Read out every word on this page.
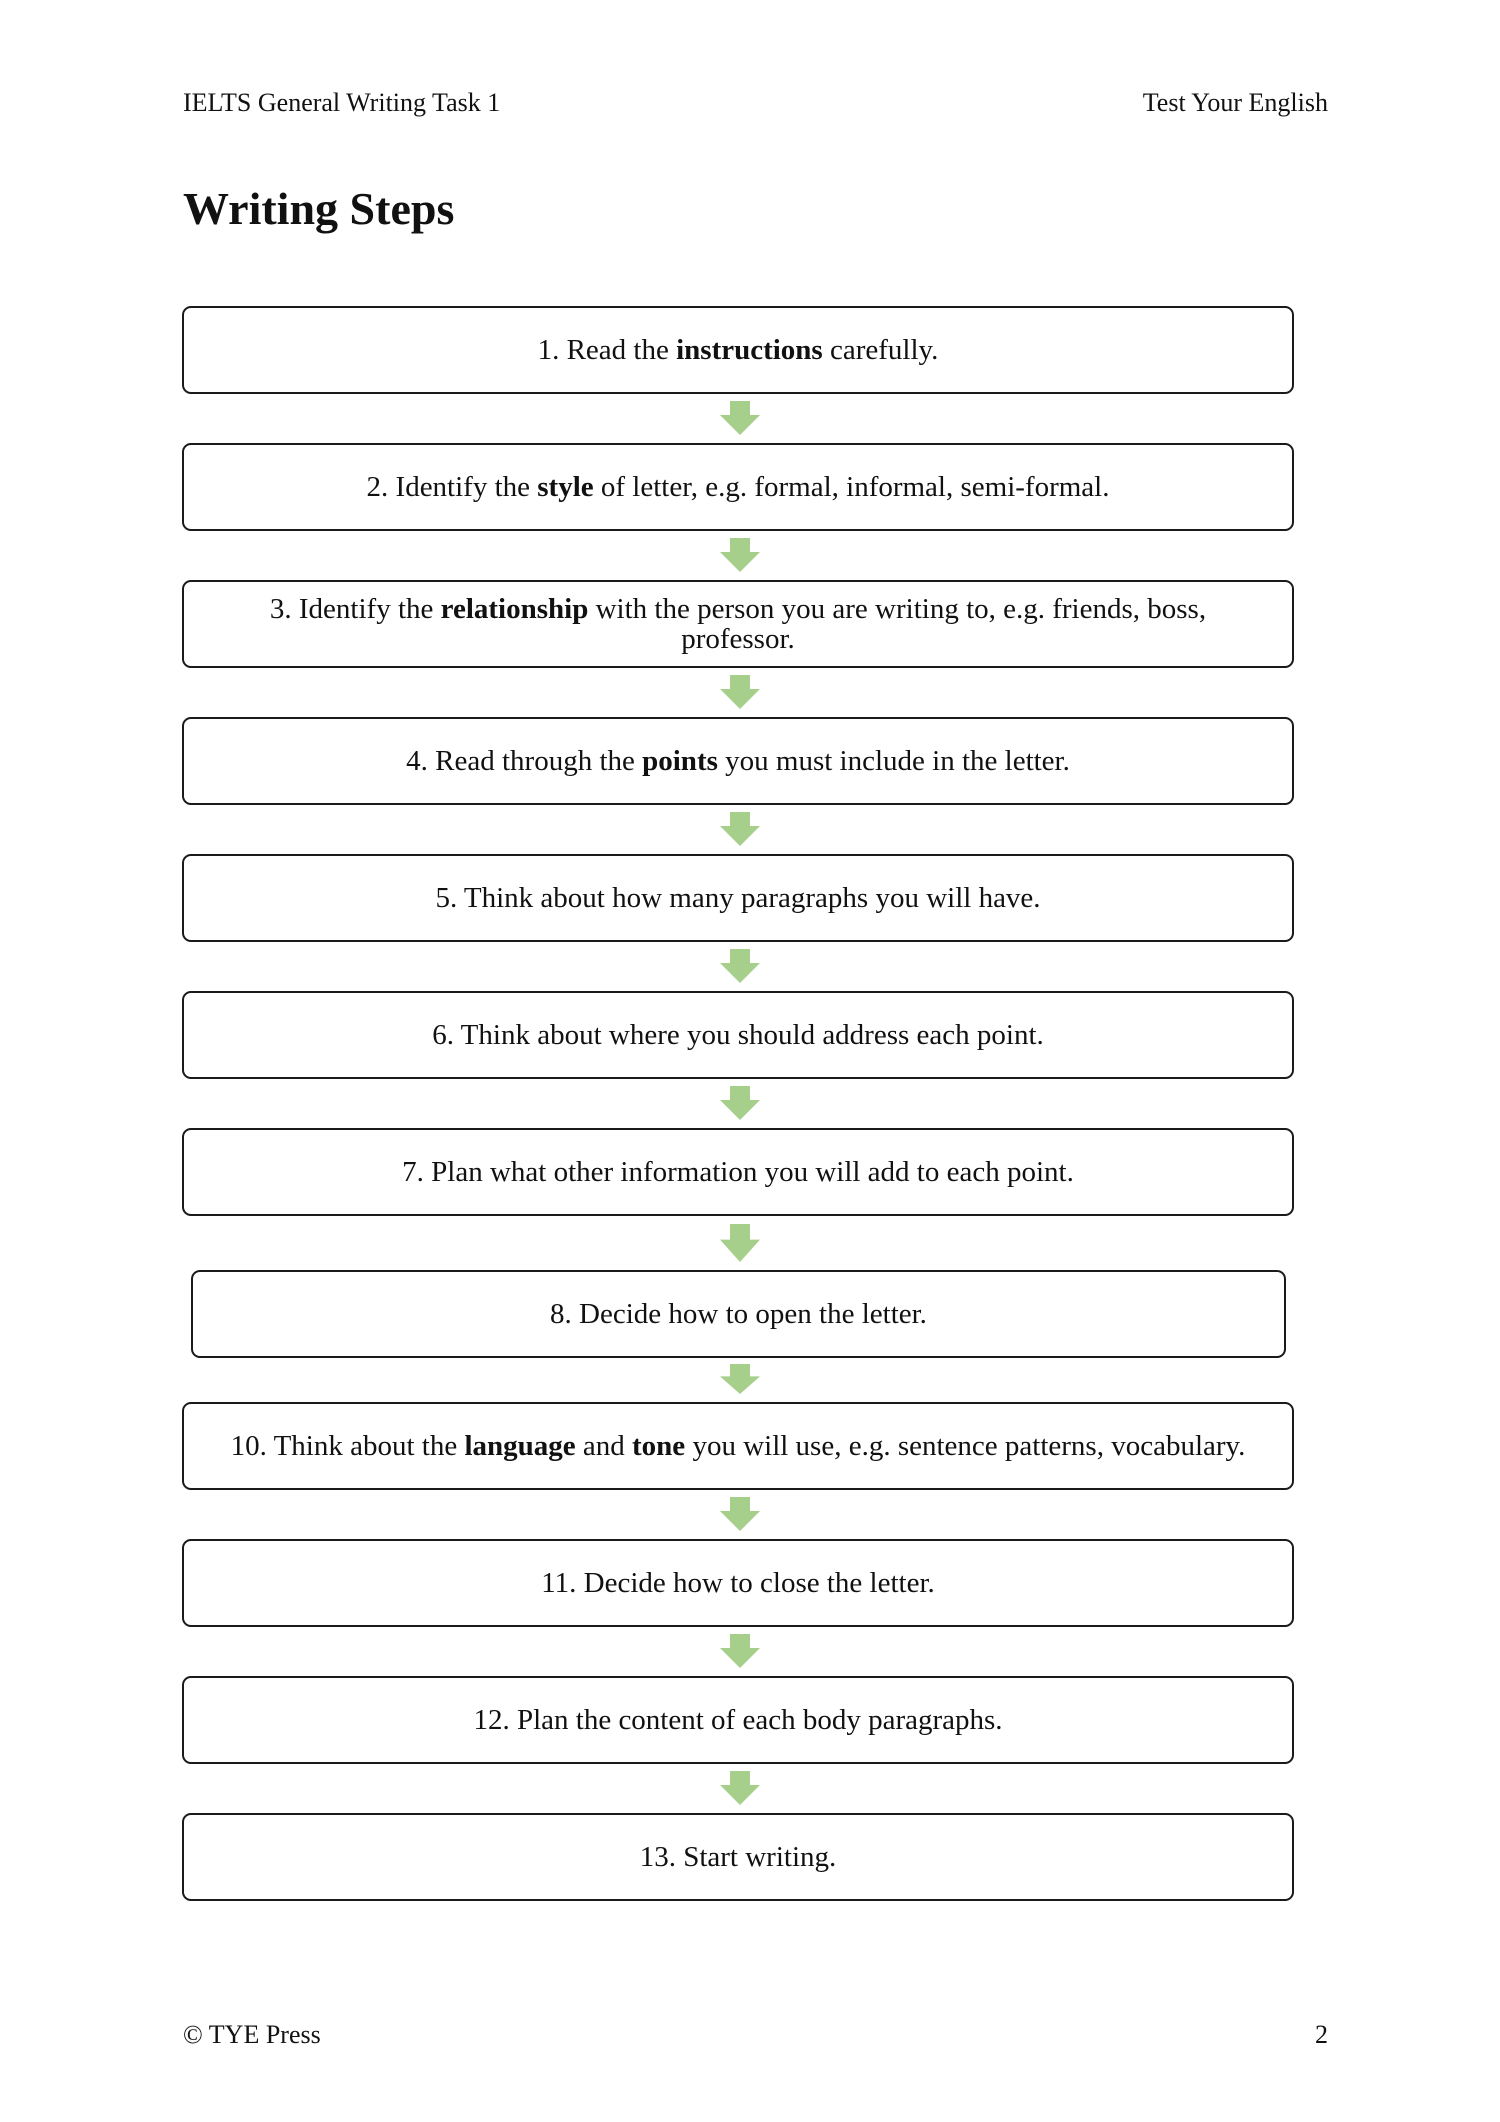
IELTS General Writing Task 1	Test Your English
Writing Steps
1. Read the instructions carefully.
2. Identify the style of letter, e.g. formal, informal, semi-formal.
3. Identify the relationship with the person you are writing to, e.g. friends, boss, professor.
4. Read through the points you must include in the letter.
5. Think about how many paragraphs you will have.
6. Think about where you should address each point.
7. Plan what other information you will add to each point.
8. Decide how to open the letter.
10. Think about the language and tone you will use, e.g. sentence patterns, vocabulary.
11. Decide how to close the letter.
12. Plan the content of each body paragraphs.
13. Start writing.
© TYE Press	2
